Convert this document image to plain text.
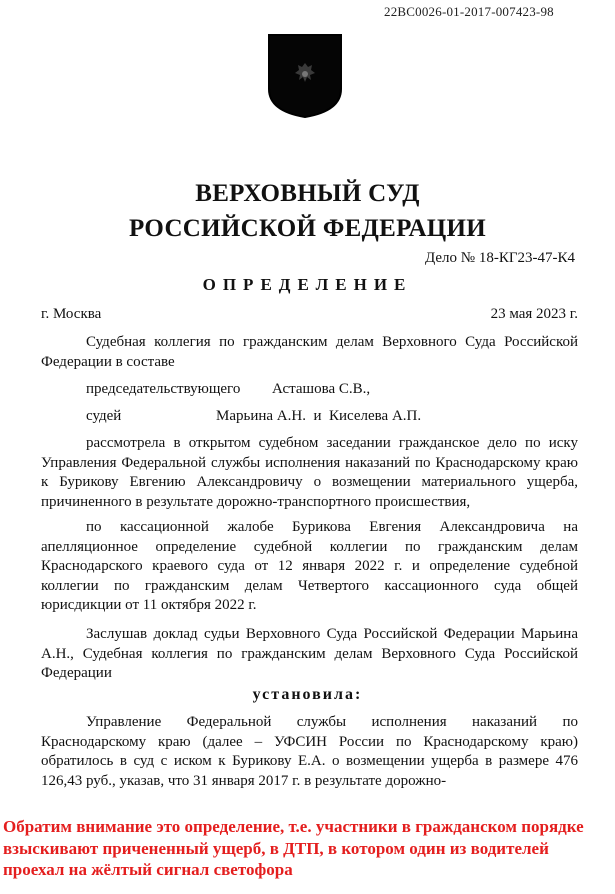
22ВС0026-01-2017-007423-98
ВЕРХОВНЫЙ СУД
РОССИЙСКОЙ ФЕДЕРАЦИИ
Дело № 18-КГ23-47-К4
ОПРЕДЕЛЕНИЕ
г. Москва	23 мая 2023 г.

Судебная коллегия по гражданским делам Верховного Суда Российской Федерации в составе

председательствующего Асташова С.В.,
судей	Марьина А.Н.  и  Киселева А.П.

рассмотрела в открытом судебном заседании гражданское дело по иску Управления Федеральной службы исполнения наказаний по Краснодарскому краю к Бурикову Евгению Александровичу о возмещении материального ущерба, причиненного в результате дорожно-транспортного происшествия,

по кассационной жалобе Бурикова Евгения Александровича на апелляционное определение судебной коллегии по гражданским делам Краснодарского краевого суда от 12 января 2022 г. и определение судебной коллегии по гражданским делам Четвертого кассационного суда общей юрисдикции от 11 октября 2022 г.

Заслушав доклад судьи Верховного Суда Российской Федерации Марьина А.Н., Судебная коллегия по гражданским делам Верховного Суда Российской Федерации

установила:

Управление Федеральной службы исполнения наказаний по Краснодарскому краю (далее – УФСИН России по Краснодарскому краю) обратилось в суд с иском к Бурикову Е.А. о возмещении ущерба в размере 476 126,43 руб., указав, что 31 января 2017 г. в результате дорожно-

Обратим внимание это определение, т.е. участники в гражданском порядке взыскивают причененный ущерб, в ДТП, в котором один из водителей проехал на жёлтый сигнал светофора
